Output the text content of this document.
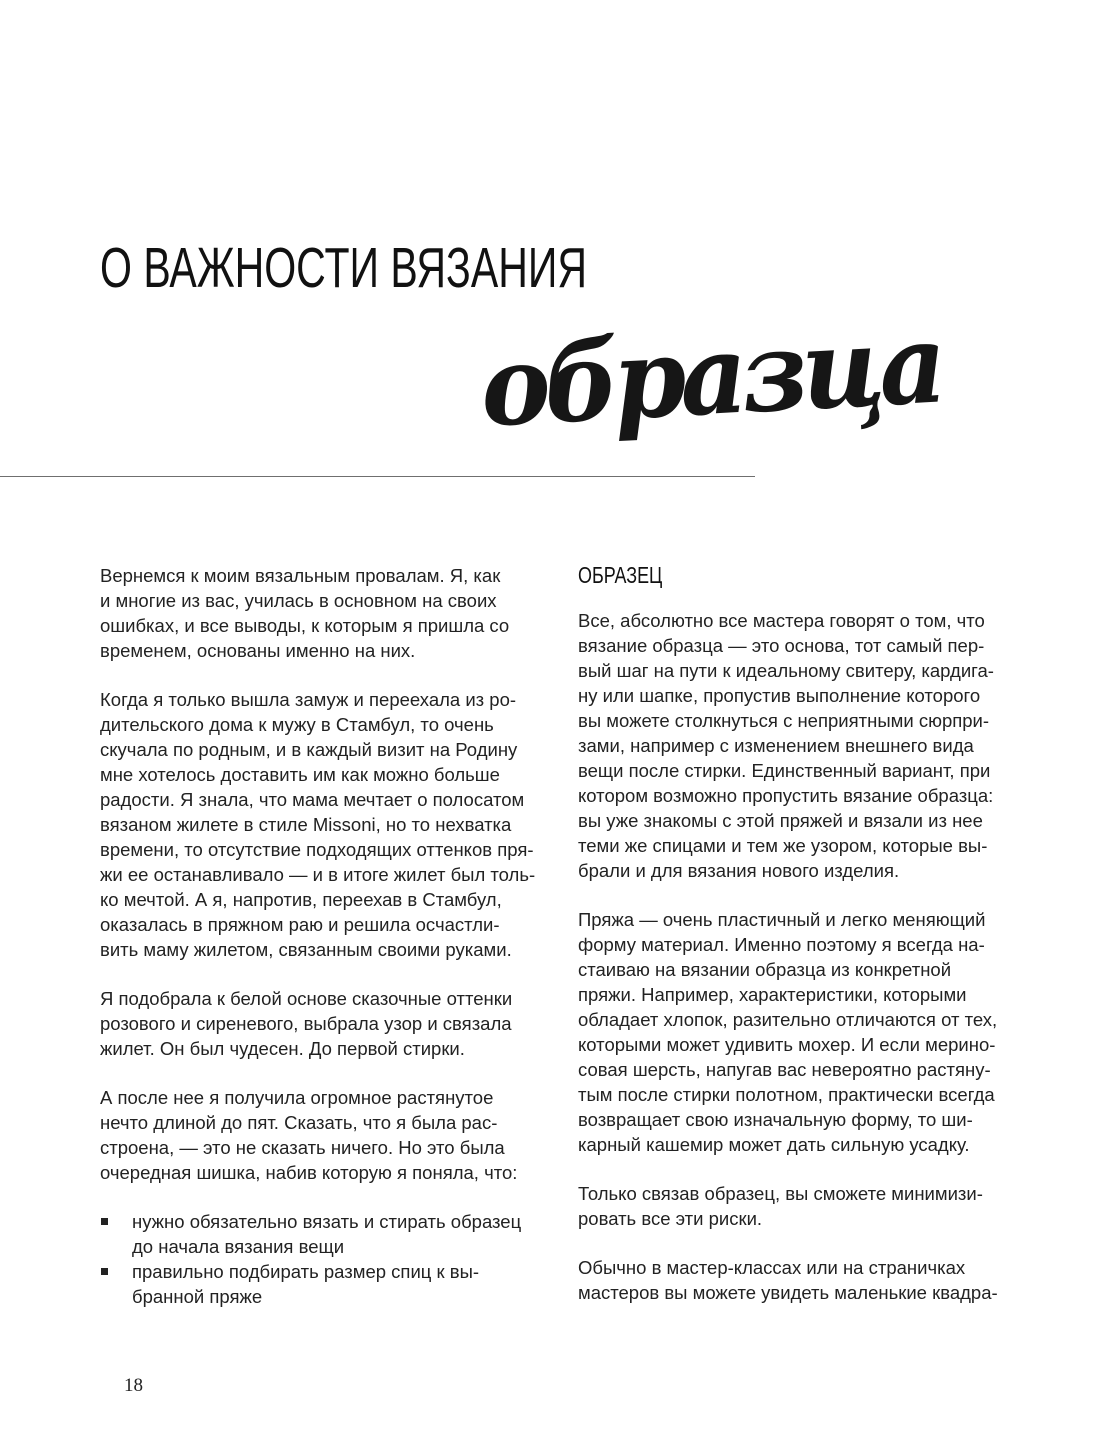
О ВАЖНОСТИ ВЯЗАНИЯ
образца

Вернемся к моим вязальным провалам. Я, как
и многие из вас, училась в основном на своих
ошибках, и все выводы, к которым я пришла со
временем, основаны именно на них.

Когда я только вышла замуж и переехала из ро-
дительского дома к мужу в Стамбул, то очень
скучала по родным, и в каждый визит на Родину
мне хотелось доставить им как можно больше
радости. Я знала, что мама мечтает о полосатом
вязаном жилете в стиле Missoni, но то нехватка
времени, то отсутствие подходящих оттенков пря-
жи ее останавливало — и в итоге жилет был толь-
ко мечтой. А я, напротив, переехав в Стамбул,
оказалась в пряжном раю и решила осчастли-
вить маму жилетом, связанным своими руками.

Я подобрала к белой основе сказочные оттенки
розового и сиреневого, выбрала узор и связала
жилет. Он был чудесен. До первой стирки.

А после нее я получила огромное растянутое
нечто длиной до пят. Сказать, что я была рас-
строена, — это не сказать ничего. Но это была
очередная шишка, набив которую я поняла, что:

нужно обязательно вязать и стирать образец
до начала вязания вещи
правильно подбирать размер спиц к вы-
бранной пряже
ОБРАЗЕЦ

Все, абсолютно все мастера говорят о том, что
вязание образца — это основа, тот самый пер-
вый шаг на пути к идеальному свитеру, кардига-
ну или шапке, пропустив выполнение которого
вы можете столкнуться с неприятными сюрпри-
зами, например с изменением внешнего вида
вещи после стирки. Единственный вариант, при
котором возможно пропустить вязание образца:
вы уже знакомы с этой пряжей и вязали из нее
теми же спицами и тем же узором, которые вы-
брали и для вязания нового изделия.

Пряжа — очень пластичный и легко меняющий
форму материал. Именно поэтому я всегда на-
стаиваю на вязании образца из конкретной
пряжи. Например, характеристики, которыми
обладает хлопок, разительно отличаются от тех,
которыми может удивить мохер. И если мерино-
совая шерсть, напугав вас невероятно растяну-
тым после стирки полотном, практически всегда
возвращает свою изначальную форму, то ши-
карный кашемир может дать сильную усадку.

Только связав образец, вы сможете минимизи-
ровать все эти риски.

Обычно в мастер-классах или на страничках
мастеров вы можете увидеть маленькие квадра-

18
